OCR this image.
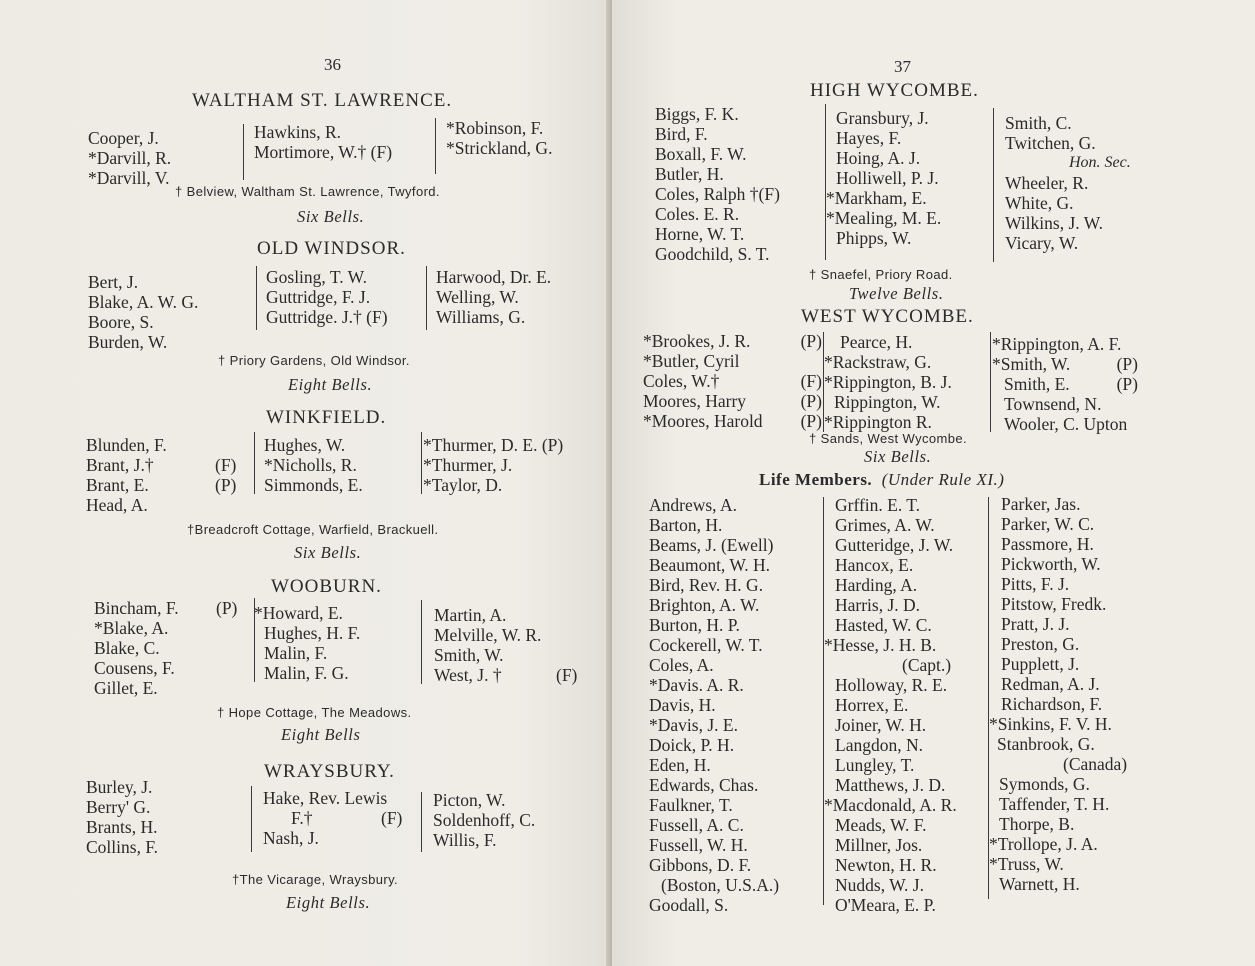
36
WALTHAM ST. LAWRENCE.
Cooper, J.
*Darvill, R.
*Darvill, V.
Hawkins, R.
Mortimore, W.† (F)
*Robinson, F.
*Strickland, G.
† Belview, Waltham St. Lawrence, Twyford.
Six Bells.
OLD WINDSOR.
Bert, J.
Blake, A. W. G.
Boore, S.
Burden, W.
Gosling, T. W.
Guttridge, F. J.
Guttridge. J.† (F)
Harwood, Dr. E.
Welling, W.
Williams, G.
† Priory Gardens, Old Windsor.
Eight Bells.
WINKFIELD.
Blunden, F.
Brant, J.†
Brant, E.
Head, A.
(F)
(P)
Hughes, W.
*Nicholls, R.
Simmonds, E.
*Thurmer, D. E. (P)
*Thurmer, J.
*Taylor, D.
†Breadcroft Cottage, Warfield, Brackuell.
Six Bells.
WOOBURN.
Bincham, F.
*Blake, A.
Blake, C.
Cousens, F.
Gillet, E.
(P) *Howard, E.
Hughes, H. F.
Malin, F.
Malin, F. G.
Martin, A.
Melville, W. R.
Smith, W.
West, J. †	(F)
† Hope Cottage, The Meadows.
Eight Bells
WRAYSBURY.
Burley, J.
Berry' G.
Brants, H.
Collins, F.
Hake, Rev. Lewis
F.†
Nash, J.
(F)
Picton, W.
Soldenhoff, C.
Willis, F.
†The Vicarage, Wraysbury.
Eight Bells.
37
HIGH WYCOMBE.
Biggs, F. K.
Bird, F.
Boxall, F. W.
Butler, H.
Coles, Ralph †(F)
Coles. E. R.
Horne, W. T.
Goodchild, S. T.
Gransbury, J.
Hayes, F.
Hoing, A. J.
Holliwell, P. J.
*Markham, E.
*Mealing, M. E.
Phipps, W.
Smith, C.
Twitchen, G.
Hon. Sec.
Wheeler, R.
White, G.
Wilkins, J. W.
Vicary, W.
† Snaefel, Priory Road.
Twelve Bells.
WEST WYCOMBE.
*Brookes, J. R.
*Butler, Cyril
Coles, W.†
Moores, Harry
*Moores, Harold
(P)
(F)
(P)
(P)
Pearce, H.
*Rackstraw, G.
*Rippington, B. J.
Rippington, W.
*Rippington R.
*Rippington, A. F.
*Smith, W.
Smith, E.
Townsend, N.
Wooler, C. Upton
(P)
(P)
† Sands, West Wycombe.
Six Bells.
Life Members. (Under Rule XI.)
Andrews, A.
Barton, H.
Beams, J. (Ewell)
Beaumont, W. H.
Bird, Rev. H. G.
Brighton, A. W.
Burton, H. P.
Cockerell, W. T.
Coles, A.
*Davis. A. R.
Davis, H.
*Davis, J. E.
Doick, P. H.
Eden, H.
Edwards, Chas.
Faulkner, T.
Fussell, A. C.
Fussell, W. H.
Gibbons, D. F.
(Boston, U.S.A.)
Goodall, S.
Grffin. E. T.
Grimes, A. W.
Gutteridge, J. W.
Hancox, E.
Harding, A.
Harris, J. D.
Hasted, W. C.
*Hesse, J. H. B.
(Capt.)
Holloway, R. E.
Horrex, E.
Joiner, W. H.
Langdon, N.
Lungley, T.
Matthews, J. D.
*Macdonald, A. R.
Meads, W. F.
Millner, Jos.
Newton, H. R.
Nudds, W. J.
O'Meara, E. P.
Parker, Jas.
Parker, W. C.
Passmore, H.
Pickworth, W.
Pitts, F. J.
Pitstow, Fredk.
Pratt, J. J.
Preston, G.
Pupplett, J.
Redman, A. J.
Richardson, F.
*Sinkins, F. V. H.
Stanbrook, G.
(Canada)
Symonds, G.
Taffender, T. H.
Thorpe, B.
*Trollope, J. A.
*Truss, W.
Warnett, H.
